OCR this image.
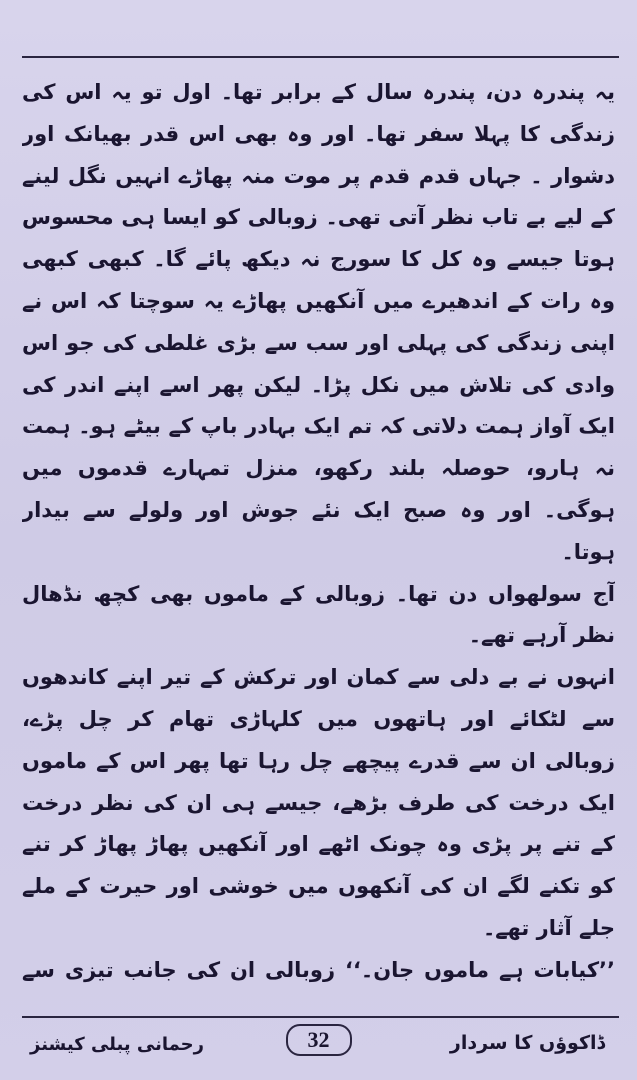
یہ پندرہ دن، پندرہ سال کے برابر تھا۔ اول تو یہ اس کی زندگی کا پہلا سفر تھا۔ اور وہ بھی اس قدر بھیانک اور دشوار ۔ جہاں قدم قدم پر موت منہ پھاڑے انہیں نگل لینے کے لیے بے تاب نظر آتی تھی۔ زوبالی کو ایسا ہی محسوس ہوتا جیسے وہ کل کا سورج نہ دیکھ پائے گا۔ کبھی کبھی وہ رات کے اندھیرے میں آنکھیں پھاڑے یہ سوچتا کہ اس نے اپنی زندگی کی پہلی اور سب سے بڑی غلطی کی جو اس وادی کی تلاش میں نکل پڑا۔ لیکن پھر اسے اپنے اندر کی ایک آواز ہمت دلاتی کہ تم ایک بہادر باپ کے بیٹے ہو۔ ہمت نہ ہارو، حوصلہ بلند رکھو، منزل تمہارے قدموں میں ہوگی۔ اور وہ صبح ایک نئے جوش اور ولولے سے بیدار ہوتا۔

آج سولھواں دن تھا۔ زوبالی کے ماموں بھی کچھ نڈھال نظر آرہے تھے۔

انہوں نے بے دلی سے کمان اور ترکش کے تیر اپنے کاندھوں سے لٹکائے اور ہاتھوں میں کلہاڑی تھام کر چل پڑے، زوبالی ان سے قدرے پیچھے چل رہا تھا پھر اس کے ماموں ایک درخت کی طرف بڑھے، جیسے ہی ان کی نظر درخت کے تنے پر پڑی وہ چونک اٹھے اور آنکھیں پھاڑ پھاڑ کر تنے کو تکنے لگے ان کی آنکھوں میں خوشی اور حیرت کے ملے جلے آثار تھے۔

’’کیابات ہے ماموں جان۔‘‘ زوبالی ان کی جانب تیزی سے

ڈاکوؤں کا سردار
32
رحمانی پبلی کیشنز
